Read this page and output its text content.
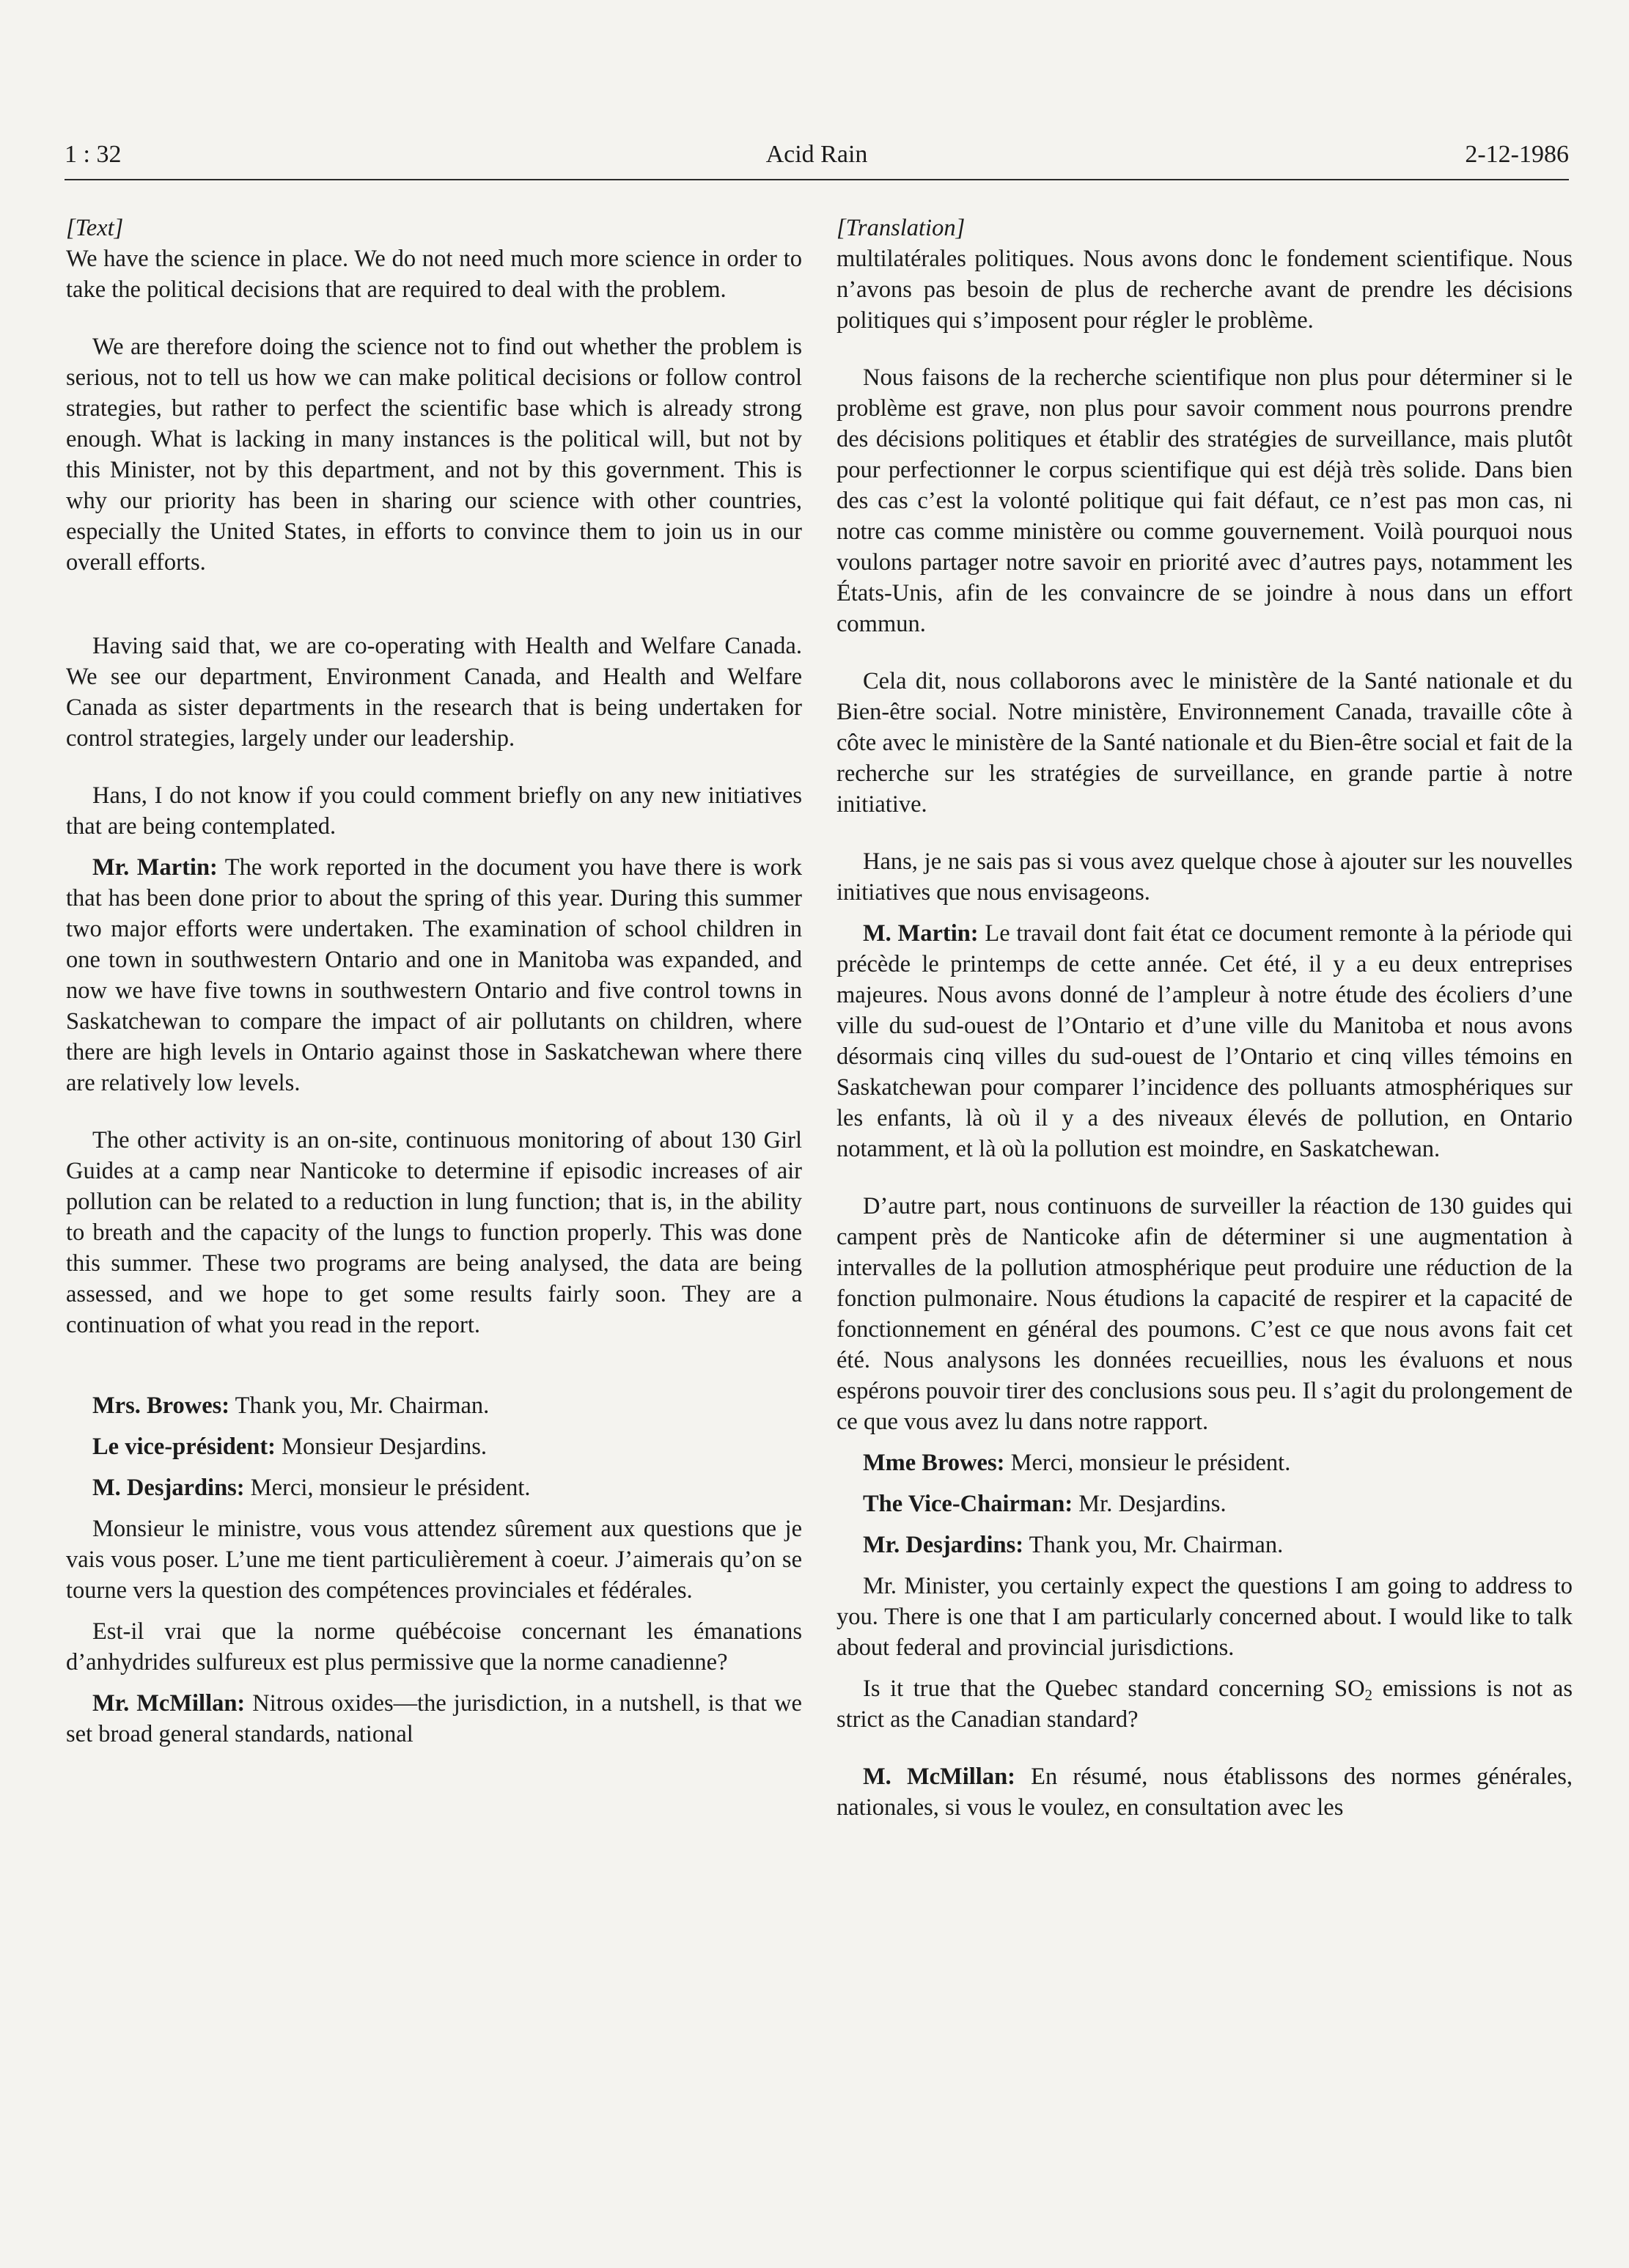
Acid Rain
1 : 32	2-12-1986
[Text]

We have the science in place. We do not need much more science in order to take the political decisions that are required to deal with the problem.

We are therefore doing the science not to find out whether the problem is serious, not to tell us how we can make political decisions or follow control strategies, but rather to perfect the scientific base which is already strong enough. What is lacking in many instances is the political will, but not by this Minister, not by this department, and not by this government. This is why our priority has been in sharing our science with other countries, especially the United States, in efforts to convince them to join us in our overall efforts.

Having said that, we are co-operating with Health and Welfare Canada. We see our department, Environment Canada, and Health and Welfare Canada as sister departments in the research that is being undertaken for control strategies, largely under our leadership.

Hans, I do not know if you could comment briefly on any new initiatives that are being contemplated.

Mr. Martin: The work reported in the document you have there is work that has been done prior to about the spring of this year. During this summer two major efforts were undertaken. The examination of school children in one town in southwestern Ontario and one in Manitoba was expanded, and now we have five towns in southwestern Ontario and five control towns in Saskatchewan to compare the impact of air pollutants on children, where there are high levels in Ontario against those in Saskatchewan where there are relatively low levels.

The other activity is an on-site, continuous monitoring of about 130 Girl Guides at a camp near Nanticoke to determine if episodic increases of air pollution can be related to a reduction in lung function; that is, in the ability to breath and the capacity of the lungs to function properly. This was done this summer. These two programs are being analysed, the data are being assessed, and we hope to get some results fairly soon. They are a continuation of what you read in the report.

Mrs. Browes: Thank you, Mr. Chairman.

Le vice-président: Monsieur Desjardins.

M. Desjardins: Merci, monsieur le président.

Monsieur le ministre, vous vous attendez sûrement aux questions que je vais vous poser. L’une me tient particulièrement à coeur. J’aimerais qu’on se tourne vers la question des compétences provinciales et fédérales.

Est-il vrai que la norme québécoise concernant les émanations d’anhydrides sulfureux est plus permissive que la norme canadienne?

Mr. McMillan: Nitrous oxides—the jurisdiction, in a nutshell, is that we set broad general standards, national

[Translation]

multilatérales politiques. Nous avons donc le fondement scientifique. Nous n’avons pas besoin de plus de recherche avant de prendre les décisions politiques qui s’imposent pour régler le problème.

Nous faisons de la recherche scientifique non plus pour déterminer si le problème est grave, non plus pour savoir comment nous pourrons prendre des décisions politiques et établir des stratégies de surveillance, mais plutôt pour perfectionner le corpus scientifique qui est déjà très solide. Dans bien des cas c’est la volonté politique qui fait défaut, ce n’est pas mon cas, ni notre cas comme ministère ou comme gouvernement. Voilà pourquoi nous voulons partager notre savoir en priorité avec d’autres pays, notamment les États-Unis, afin de les convaincre de se joindre à nous dans un effort commun.

Cela dit, nous collaborons avec le ministère de la Santé nationale et du Bien-être social. Notre ministère, Environnement Canada, travaille côte à côte avec le ministère de la Santé nationale et du Bien-être social et fait de la recherche sur les stratégies de surveillance, en grande partie à notre initiative.

Hans, je ne sais pas si vous avez quelque chose à ajouter sur les nouvelles initiatives que nous envisageons.

M. Martin: Le travail dont fait état ce document remonte à la période qui précède le printemps de cette année. Cet été, il y a eu deux entreprises majeures. Nous avons donné de l’ampleur à notre étude des écoliers d’une ville du sud-ouest de l’Ontario et d’une ville du Manitoba et nous avons désormais cinq villes du sud-ouest de l’Ontario et cinq villes témoins en Saskatchewan pour comparer l’incidence des polluants atmosphériques sur les enfants, là où il y a des niveaux élevés de pollution, en Ontario notamment, et là où la pollution est moindre, en Saskatchewan.

D’autre part, nous continuons de surveiller la réaction de 130 guides qui campent près de Nanticoke afin de déterminer si une augmentation à intervalles de la pollution atmosphérique peut produire une réduction de la fonction pulmonaire. Nous étudions la capacité de respirer et la capacité de fonctionnement en général des poumons. C’est ce que nous avons fait cet été. Nous analysons les données recueillies, nous les évaluons et nous espérons pouvoir tirer des conclusions sous peu. Il s’agit du prolongement de ce que vous avez lu dans notre rapport.

Mme Browes: Merci, monsieur le président.

The Vice-Chairman: Mr. Desjardins.

Mr. Desjardins: Thank you, Mr. Chairman.

Mr. Minister, you certainly expect the questions I am going to address to you. There is one that I am particularly concerned about. I would like to talk about federal and provincial jurisdictions.

Is it true that the Quebec standard concerning $SO_2$ emissions is not as strict as the Canadian standard?

M. McMillan: En résumé, nous établissons des normes générales, nationales, si vous le voulez, en consultation avec les
